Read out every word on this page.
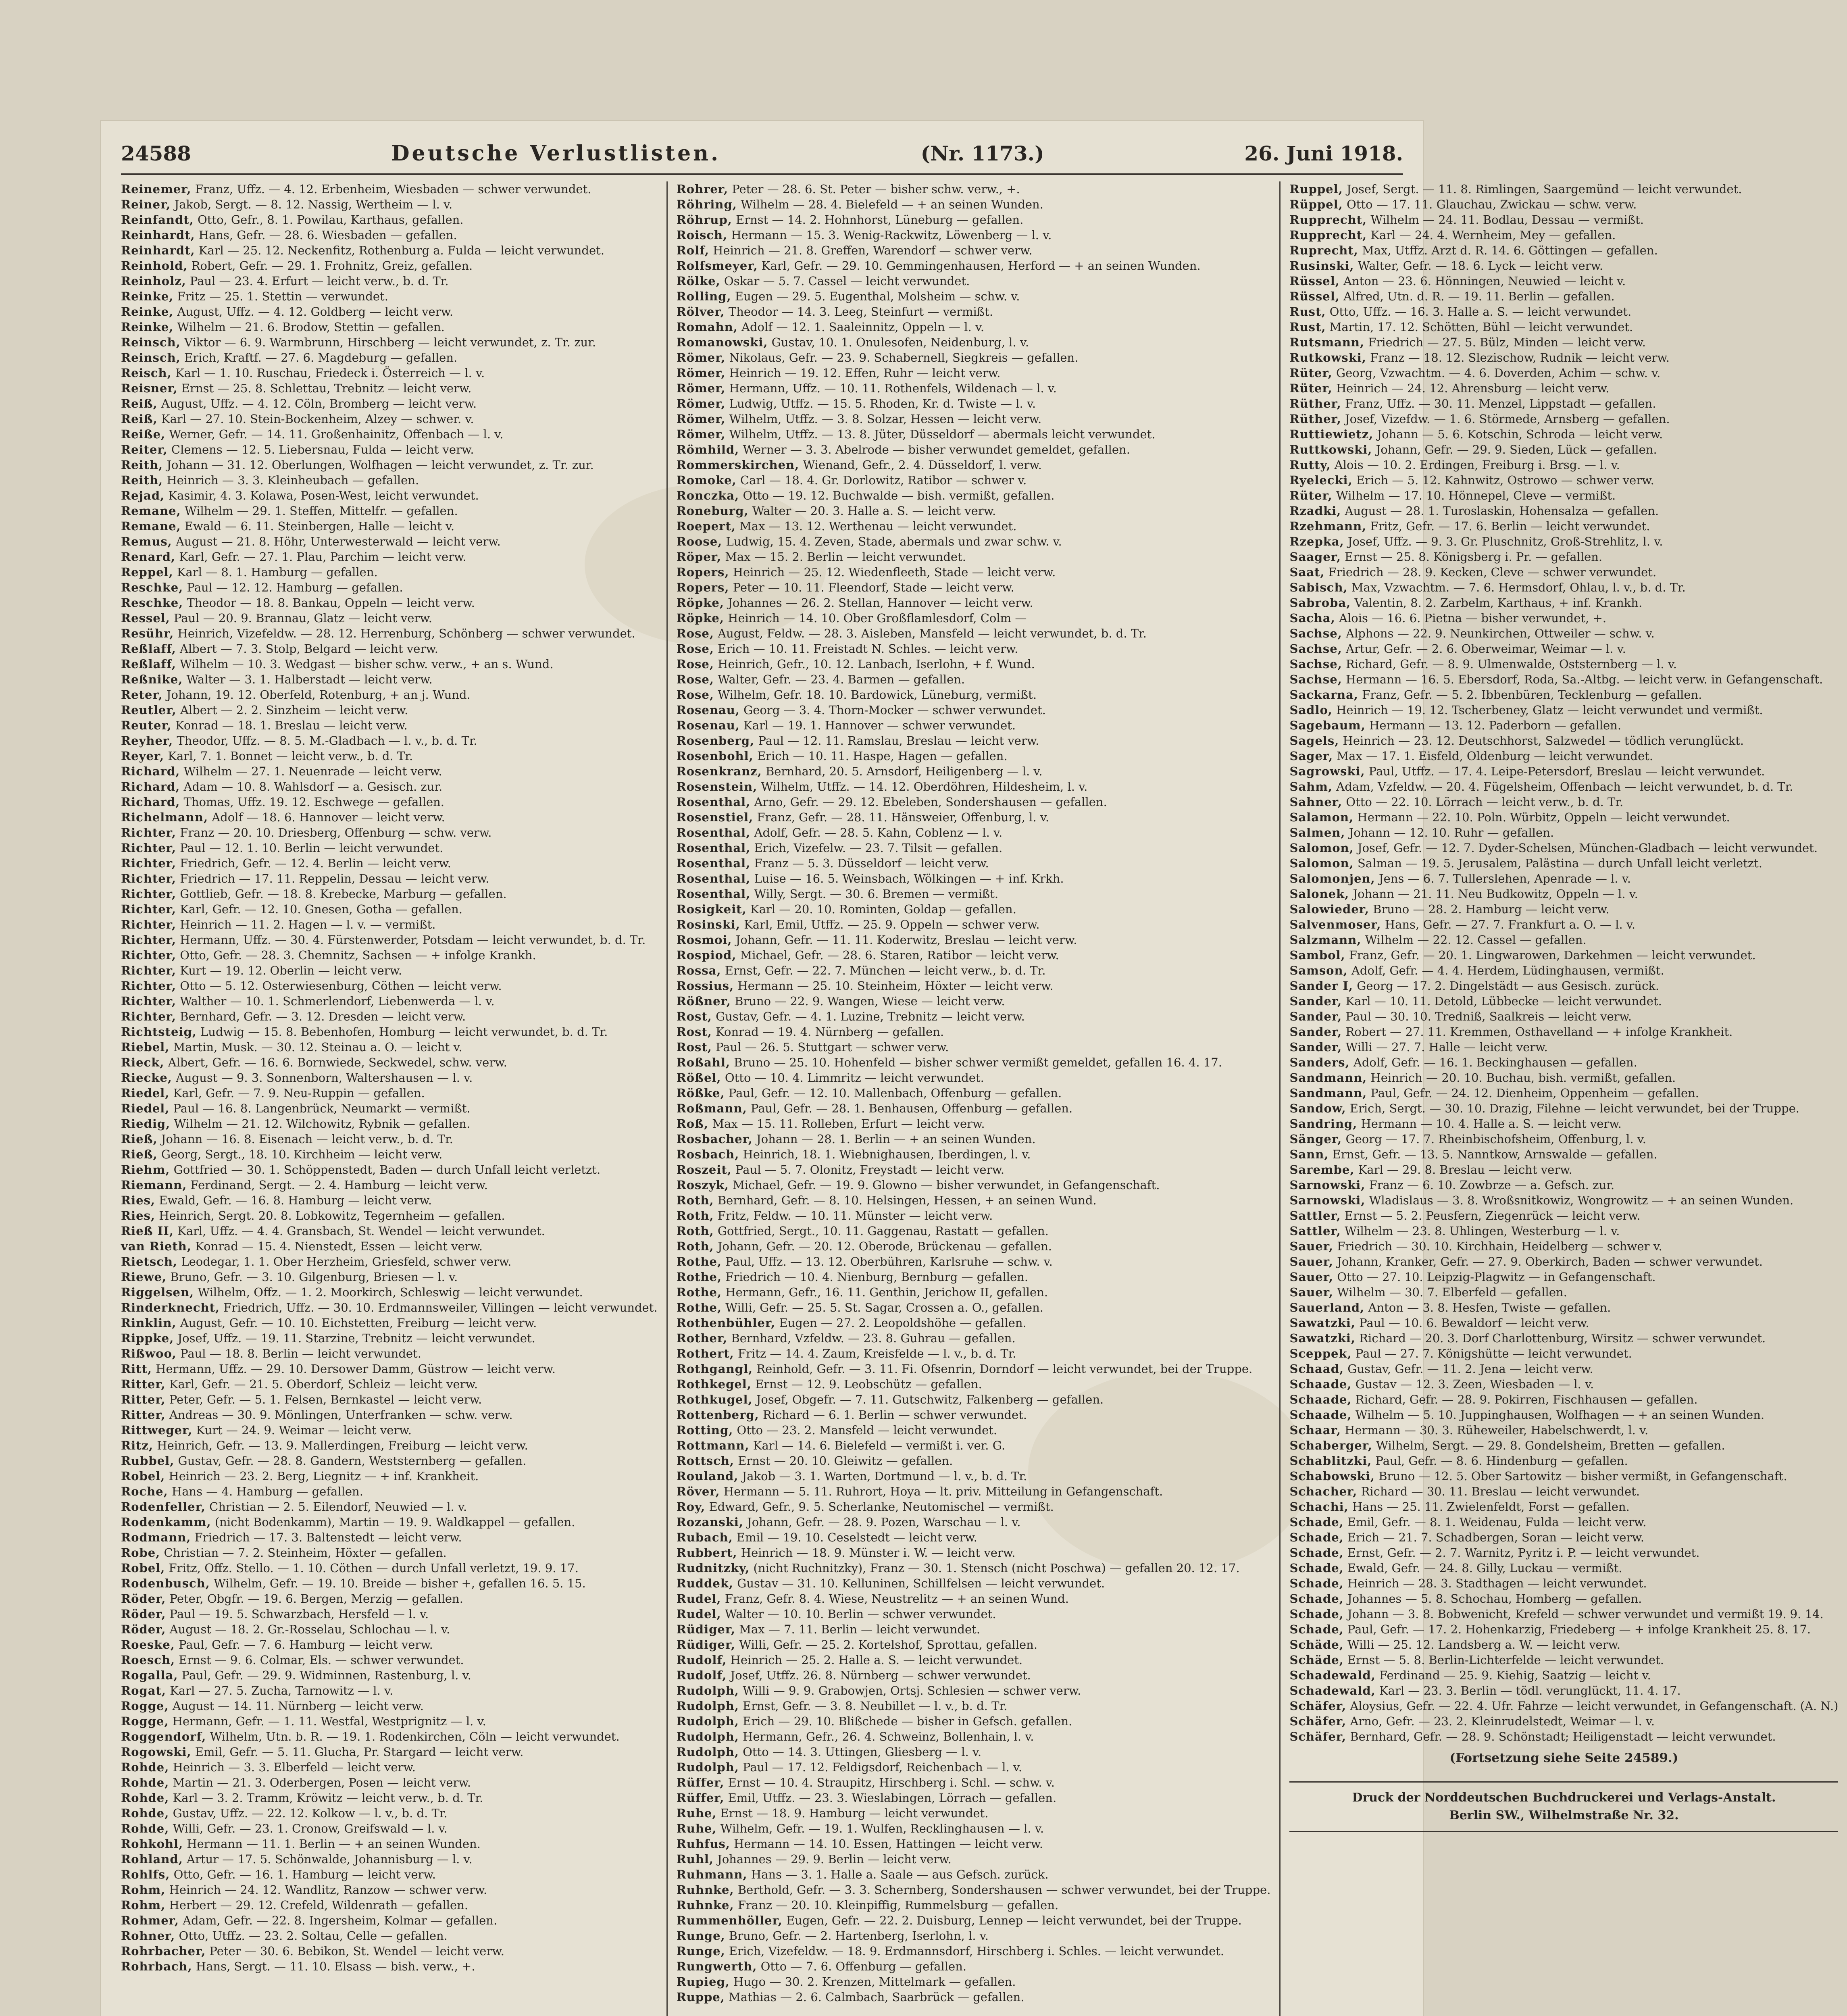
24588	Deutsche Verlustlisten.	(Nr. 1173.)	26. Juni 1918.

Reinemer, Franz, Uffz. — 4. 12. Erbenheim, Wiesbaden — schwer verwundet.

Reiner, Jakob, Sergt. — 8. 12. Nassig, Wertheim — l. v.

Reinfandt, Otto, Gefr., 8. 1. Powilau, Karthaus, gefallen.

Reinhardt, Hans, Gefr. — 28. 6. Wiesbaden — gefallen.

Reinhardt, Karl — 25. 12. Neckenfitz, Rothenburg a. Fulda — leicht verwundet.

Reinhold, Robert, Gefr. — 29. 1. Frohnitz, Greiz, gefallen.

Reinholz, Paul — 23. 4. Erfurt — leicht verw., b. d. Tr.

Reinke, Fritz — 25. 1. Stettin — verwundet.

Reinke, August, Uffz. — 4. 12. Goldberg — leicht verw.

Reinke, Wilhelm — 21. 6. Brodow, Stettin — gefallen.

Reinsch, Viktor — 6. 9. Warmbrunn, Hirschberg — leicht verwundet, z. Tr. zur.

Reinsch, Erich, Kraftf. — 27. 6. Magdeburg — gefallen.

Reisch, Karl — 1. 10. Ruschau, Friedeck i. Österreich — l. v.

Reisner, Ernst — 25. 8. Schlettau, Trebnitz — leicht verw.

Reiß, August, Uffz. — 4. 12. Cöln, Bromberg — leicht verw.

Reiß, Karl — 27. 10. Stein-Bockenheim, Alzey — schwer. v.

Reiße, Werner, Gefr. — 14. 11. Großenhainitz, Offenbach — l. v.

Reiter, Clemens — 12. 5. Liebersnau, Fulda — leicht verw.

Reith, Johann — 31. 12. Oberlungen, Wolfhagen — leicht verwundet, z. Tr. zur.

Reith, Heinrich — 3. 3. Kleinheubach — gefallen.

Rejad, Kasimir, 4. 3. Kolawa, Posen-West, leicht verwundet.

Remane, Wilhelm — 29. 1. Steffen, Mittelfr. — gefallen.

Remane, Ewald — 6. 11. Steinbergen, Halle — leicht v.

Remus, August — 21. 8. Höhr, Unterwesterwald — leicht verw.

Renard, Karl, Gefr. — 27. 1. Plau, Parchim — leicht verw.

Reppel, Karl — 8. 1. Hamburg — gefallen.

Reschke, Paul — 12. 12. Hamburg — gefallen.

Reschke, Theodor — 18. 8. Bankau, Oppeln — leicht verw.

Ressel, Paul — 20. 9. Brannau, Glatz — leicht verw.

Resühr, Heinrich, Vizefeldw. — 28. 12. Herrenburg, Schönberg — schwer verwundet.

Reßlaff, Albert — 7. 3. Stolp, Belgard — leicht verw.

Reßlaff, Wilhelm — 10. 3. Wedgast — bisher schw. verw., + an s. Wund.

Reßnike, Walter — 3. 1. Halberstadt — leicht verw.

Reter, Johann, 19. 12. Oberfeld, Rotenburg, + an j. Wund.

Reutler, Albert — 2. 2. Sinzheim — leicht verw.

Reuter, Konrad — 18. 1. Breslau — leicht verw.

Reyher, Theodor, Uffz. — 8. 5. M.-Gladbach — l. v., b. d. Tr.

Reyer, Karl, 7. 1. Bonnet — leicht verw., b. d. Tr.

Richard, Wilhelm — 27. 1. Neuenrade — leicht verw.

Richard, Adam — 10. 8. Wahlsdorf — a. Gesisch. zur.

Richard, Thomas, Uffz. 19. 12. Eschwege — gefallen.

Richelmann, Adolf — 18. 6. Hannover — leicht verw.

Richter, Franz — 20. 10. Driesberg, Offenburg — schw. verw.

Richter, Paul — 12. 1. 10. Berlin — leicht verwundet.

Richter, Friedrich, Gefr. — 12. 4. Berlin — leicht verw.

Richter, Friedrich — 17. 11. Reppelin, Dessau — leicht verw.

Richter, Gottlieb, Gefr. — 18. 8. Krebecke, Marburg — gefallen.

Richter, Karl, Gefr. — 12. 10. Gnesen, Gotha — gefallen.

Richter, Heinrich — 11. 2. Hagen — l. v. — vermißt.

Richter, Hermann, Uffz. — 30. 4. Fürstenwerder, Potsdam — leicht verwundet, b. d. Tr.

Richter, Otto, Gefr. — 28. 3. Chemnitz, Sachsen — + infolge Krankh.

Richter, Kurt — 19. 12. Oberlin — leicht verw.

Richter, Otto — 5. 12. Osterwiesenburg, Cöthen — leicht verw.

Richter, Walther — 10. 1. Schmerlendorf, Liebenwerda — l. v.

Richter, Bernhard, Gefr. — 3. 12. Dresden — leicht verw.

Richtsteig, Ludwig — 15. 8. Bebenhofen, Homburg — leicht verwundet, b. d. Tr.

Riebel, Martin, Musk. — 30. 12. Steinau a. O. — leicht v.

Rieck, Albert, Gefr. — 16. 6. Bornwiede, Seckwedel, schw. verw.

Riecke, August — 9. 3. Sonnenborn, Waltershausen — l. v.

Riedel, Karl, Gefr. — 7. 9. Neu-Ruppin — gefallen.

Riedel, Paul — 16. 8. Langenbrück, Neumarkt — vermißt.

Riedig, Wilhelm — 21. 12. Wilchowitz, Rybnik — gefallen.

Rieß, Johann — 16. 8. Eisenach — leicht verw., b. d. Tr.

Rieß, Georg, Sergt., 18. 10. Kirchheim — leicht verw.

Riehm, Gottfried — 30. 1. Schöppenstedt, Baden — durch Unfall leicht verletzt.

Riemann, Ferdinand, Sergt. — 2. 4. Hamburg — leicht verw.

Ries, Ewald, Gefr. — 16. 8. Hamburg — leicht verw.

Ries, Heinrich, Sergt. 20. 8. Lobkowitz, Tegernheim — gefallen.

Rieß II, Karl, Uffz. — 4. 4. Gransbach, St. Wendel — leicht verwundet.

van Rieth, Konrad — 15. 4. Nienstedt, Essen — leicht verw.

Rietsch, Leodegar, 1. 1. Ober Herzheim, Griesfeld, schwer verw.

Riewe, Bruno, Gefr. — 3. 10. Gilgenburg, Briesen — l. v.

Riggelsen, Wilhelm, Offz. — 1. 2. Moorkirch, Schleswig — leicht verwundet.

Rinderknecht, Friedrich, Uffz. — 30. 10. Erdmannsweiler, Villingen — leicht verwundet.

Rinklin, August, Gefr. — 10. 10. Eichstetten, Freiburg — leicht verw.

Rippke, Josef, Uffz. — 19. 11. Starzine, Trebnitz — leicht verwundet.

Rißwoo, Paul — 18. 8. Berlin — leicht verwundet.

Ritt, Hermann, Uffz. — 29. 10. Dersower Damm, Güstrow — leicht verw.

Ritter, Karl, Gefr. — 21. 5. Oberdorf, Schleiz — leicht verw.

Ritter, Peter, Gefr. — 5. 1. Felsen, Bernkastel — leicht verw.

Ritter, Andreas — 30. 9. Mönlingen, Unterfranken — schw. verw.

Rittweger, Kurt — 24. 9. Weimar — leicht verw.

Ritz, Heinrich, Gefr. — 13. 9. Mallerdingen, Freiburg — leicht verw.

Rubbel, Gustav, Gefr. — 28. 8. Gandern, Weststernberg — gefallen.

Robel, Heinrich — 23. 2. Berg, Liegnitz — + inf. Krankheit.

Roche, Hans — 4. Hamburg — gefallen.

Rodenfeller, Christian — 2. 5. Eilendorf, Neuwied — l. v.

Rodenkamm, (nicht Bodenkamm), Martin — 19. 9. Waldkappel — gefallen.

Rodmann, Friedrich — 17. 3. Baltenstedt — leicht verw.

Robe, Christian — 7. 2. Steinheim, Höxter — gefallen.

Robel, Fritz, Offz. Stello. — 1. 10. Cöthen — durch Unfall verletzt, 19. 9. 17.

Rodenbusch, Wilhelm, Gefr. — 19. 10. Breide — bisher +, gefallen 16. 5. 15.

Röder, Peter, Obgfr. — 19. 6. Bergen, Merzig — gefallen.

Röder, Paul — 19. 5. Schwarzbach, Hersfeld — l. v.

Röder, August — 18. 2. Gr.-Rosselau, Schlochau — l. v.

Roeske, Paul, Gefr. — 7. 6. Hamburg — leicht verw.

Roesch, Ernst — 9. 6. Colmar, Els. — schwer verwundet.

Rogalla, Paul, Gefr. — 29. 9. Widminnen, Rastenburg, l. v.

Rogat, Karl — 27. 5. Zucha, Tarnowitz — l. v.

Rogge, August — 14. 11. Nürnberg — leicht verw.

Rogge, Hermann, Gefr. — 1. 11. Westfal, Westprignitz — l. v.

Roggendorf, Wilhelm, Utn. b. R. — 19. 1. Rodenkirchen, Cöln — leicht verwundet.

Rogowski, Emil, Gefr. — 5. 11. Glucha, Pr. Stargard — leicht verw.

Rohde, Heinrich — 3. 3. Elberfeld — leicht verw.

Rohde, Martin — 21. 3. Oderbergen, Posen — leicht verw.

Rohde, Karl — 3. 2. Tramm, Kröwitz — leicht verw., b. d. Tr.

Rohde, Gustav, Uffz. — 22. 12. Kolkow — l. v., b. d. Tr.

Rohde, Willi, Gefr. — 23. 1. Cronow, Greifswald — l. v.

Rohkohl, Hermann — 11. 1. Berlin — + an seinen Wunden.

Rohland, Artur — 17. 5. Schönwalde, Johannisburg — l. v.

Rohlfs, Otto, Gefr. — 16. 1. Hamburg — leicht verw.

Rohm, Heinrich — 24. 12. Wandlitz, Ranzow — schwer verw.

Rohm, Herbert — 29. 12. Crefeld, Wildenrath — gefallen.

Rohmer, Adam, Gefr. — 22. 8. Ingersheim, Kolmar — gefallen.

Rohner, Otto, Utffz. — 23. 2. Soltau, Celle — gefallen.

Rohrbacher, Peter — 30. 6. Bebikon, St. Wendel — leicht verw.

Rohrbach, Hans, Sergt. — 11. 10. Elsass — bish. verw., +.

Rohrer, Peter — 28. 6. St. Peter — bisher schw. verw., +.

Röhring, Wilhelm — 28. 4. Bielefeld — + an seinen Wunden.

Röhrup, Ernst — 14. 2. Hohnhorst, Lüneburg — gefallen.

Roisch, Hermann — 15. 3. Wenig-Rackwitz, Löwenberg — l. v.

Rolf, Heinrich — 21. 8. Greffen, Warendorf — schwer verw.

Rolfsmeyer, Karl, Gefr. — 29. 10. Gemmingenhausen, Herford — + an seinen Wunden.

Rölke, Oskar — 5. 7. Cassel — leicht verwundet.

Rolling, Eugen — 29. 5. Eugenthal, Molsheim — schw. v.

Rölver, Theodor — 14. 3. Leeg, Steinfurt — vermißt.

Romahn, Adolf — 12. 1. Saaleinnitz, Oppeln — l. v.

Romanowski, Gustav, 10. 1. Onulesofen, Neidenburg, l. v.

Römer, Nikolaus, Gefr. — 23. 9. Schabernell, Siegkreis — gefallen.

Römer, Heinrich — 19. 12. Effen, Ruhr — leicht verw.

Römer, Hermann, Uffz. — 10. 11. Rothenfels, Wildenach — l. v.

Römer, Ludwig, Utffz. — 15. 5. Rhoden, Kr. d. Twiste — l. v.

Römer, Wilhelm, Utffz. — 3. 8. Solzar, Hessen — leicht verw.

Römer, Wilhelm, Utffz. — 13. 8. Jüter, Düsseldorf — abermals leicht verwundet.

Römhild, Werner — 3. 3. Abelrode — bisher verwundet gemeldet, gefallen.

Rommerskirchen, Wienand, Gefr., 2. 4. Düsseldorf, l. verw.

Romoke, Carl — 18. 4. Gr. Dorlowitz, Ratibor — schwer v.

Ronczka, Otto — 19. 12. Buchwalde — bish. vermißt, gefallen.

Roneburg, Walter — 20. 3. Halle a. S. — leicht verw.

Roepert, Max — 13. 12. Werthenau — leicht verwundet.

Roose, Ludwig, 15. 4. Zeven, Stade, abermals und zwar schw. v.

Röper, Max — 15. 2. Berlin — leicht verwundet.

Ropers, Heinrich — 25. 12. Wiedenfleeth, Stade — leicht verw.

Ropers, Peter — 10. 11. Fleendorf, Stade — leicht verw.

Röpke, Johannes — 26. 2. Stellan, Hannover — leicht verw.

Röpke, Heinrich — 14. 10. Ober Großflamlesdorf, Colm —

Rose, August, Feldw. — 28. 3. Aisleben, Mansfeld — leicht verwundet, b. d. Tr.

Rose, Erich — 10. 11. Freistadt N. Schles. — leicht verw.

Rose, Heinrich, Gefr., 10. 12. Lanbach, Iserlohn, + f. Wund.

Rose, Walter, Gefr. — 23. 4. Barmen — gefallen.

Rose, Wilhelm, Gefr. 18. 10. Bardowick, Lüneburg, vermißt.

Rosenau, Georg — 3. 4. Thorn-Mocker — schwer verwundet.

Rosenau, Karl — 19. 1. Hannover — schwer verwundet.

Rosenberg, Paul — 12. 11. Ramslau, Breslau — leicht verw.

Rosenbohl, Erich — 10. 11. Haspe, Hagen — gefallen.

Rosenkranz, Bernhard, 20. 5. Arnsdorf, Heiligenberg — l. v.

Rosenstein, Wilhelm, Utffz. — 14. 12. Oberdöhren, Hildesheim, l. v.

Rosenthal, Arno, Gefr. — 29. 12. Ebeleben, Sondershausen — gefallen.

Rosenstiel, Franz, Gefr. — 28. 11. Hänsweier, Offenburg, l. v.

Rosenthal, Adolf, Gefr. — 28. 5. Kahn, Coblenz — l. v.

Rosenthal, Erich, Vizefelw. — 23. 7. Tilsit — gefallen.

Rosenthal, Franz — 5. 3. Düsseldorf — leicht verw.

Rosenthal, Luise — 16. 5. Weinsbach, Wölkingen — + inf. Krkh.

Rosenthal, Willy, Sergt. — 30. 6. Bremen — vermißt.

Rosigkeit, Karl — 20. 10. Rominten, Goldap — gefallen.

Rosinski, Karl, Emil, Utffz. — 25. 9. Oppeln — schwer verw.

Rosmoi, Johann, Gefr. — 11. 11. Koderwitz, Breslau — leicht verw.

Rospiod, Michael, Gefr. — 28. 6. Staren, Ratibor — leicht verw.

Rossa, Ernst, Gefr. — 22. 7. München — leicht verw., b. d. Tr.

Rossius, Hermann — 25. 10. Steinheim, Höxter — leicht verw.

Rößner, Bruno — 22. 9. Wangen, Wiese — leicht verw.

Rost, Gustav, Gefr. — 4. 1. Luzine, Trebnitz — leicht verw.

Rost, Konrad — 19. 4. Nürnberg — gefallen.

Rost, Paul — 26. 5. Stuttgart — schwer verw.

Roßahl, Bruno — 25. 10. Hohenfeld — bisher schwer vermißt gemeldet, gefallen 16. 4. 17.

Rößel, Otto — 10. 4. Limmritz — leicht verwundet.

Rößke, Paul, Gefr. — 12. 10. Mallenbach, Offenburg — gefallen.

Roßmann, Paul, Gefr. — 28. 1. Benhausen, Offenburg — gefallen.

Roß, Max — 15. 11. Rolleben, Erfurt — leicht verw.

Rosbacher, Johann — 28. 1. Berlin — + an seinen Wunden.

Rosbach, Heinrich, 18. 1. Wiebnighausen, Iberdingen, l. v.

Roszeit, Paul — 5. 7. Olonitz, Freystadt — leicht verw.

Roszyk, Michael, Gefr. — 19. 9. Glowno — bisher verwundet, in Gefangenschaft.

Roth, Bernhard, Gefr. — 8. 10. Helsingen, Hessen, + an seinen Wund.

Roth, Fritz, Feldw. — 10. 11. Münster — leicht verw.

Roth, Gottfried, Sergt., 10. 11. Gaggenau, Rastatt — gefallen.

Roth, Johann, Gefr. — 20. 12. Oberode, Brückenau — gefallen.

Rothe, Paul, Uffz. — 13. 12. Oberbühren, Karlsruhe — schw. v.

Rothe, Friedrich — 10. 4. Nienburg, Bernburg — gefallen.

Rothe, Hermann, Gefr., 16. 11. Genthin, Jerichow II, gefallen.

Rothe, Willi, Gefr. — 25. 5. St. Sagar, Crossen a. O., gefallen.

Rothenbühler, Eugen — 27. 2. Leopoldshöhe — gefallen.

Rother, Bernhard, Vzfeldw. — 23. 8. Guhrau — gefallen.

Rothert, Fritz — 14. 4. Zaum, Kreisfelde — l. v., b. d. Tr.

Rothgangl, Reinhold, Gefr. — 3. 11. Fi. Ofsenrin, Dorndorf — leicht verwundet, bei der Truppe.

Rothkegel, Ernst — 12. 9. Leobschütz — gefallen.

Rothkugel, Josef, Obgefr. — 7. 11. Gutschwitz, Falkenberg — gefallen.

Rottenberg, Richard — 6. 1. Berlin — schwer verwundet.

Rotting, Otto — 23. 2. Mansfeld — leicht verwundet.

Rottmann, Karl — 14. 6. Bielefeld — vermißt i. ver. G.

Rottsch, Ernst — 20. 10. Gleiwitz — gefallen.

Rouland, Jakob — 3. 1. Warten, Dortmund — l. v., b. d. Tr.

Röver, Hermann — 5. 11. Ruhrort, Hoya — lt. priv. Mitteilung in Gefangenschaft.

Roy, Edward, Gefr., 9. 5. Scherlanke, Neutomischel — vermißt.

Rozanski, Johann, Gefr. — 28. 9. Pozen, Warschau — l. v.

Rubach, Emil — 19. 10. Ceselstedt — leicht verw.

Rubbert, Heinrich — 18. 9. Münster i. W. — leicht verw.

Rudnitzky, (nicht Ruchnitzky), Franz — 30. 1. Stensch (nicht Poschwa) — gefallen 20. 12. 17.

Ruddek, Gustav — 31. 10. Kelluninen, Schillfelsen — leicht verwundet.

Rudel, Franz, Gefr. 8. 4. Wiese, Neustrelitz — + an seinen Wund.

Rudel, Walter — 10. 10. Berlin — schwer verwundet.

Rüdiger, Max — 7. 11. Berlin — leicht verwundet.

Rüdiger, Willi, Gefr. — 25. 2. Kortelshof, Sprottau, gefallen.

Rudolf, Heinrich — 25. 2. Halle a. S. — leicht verwundet.

Rudolf, Josef, Utffz. 26. 8. Nürnberg — schwer verwundet.

Rudolph, Willi — 9. 9. Grabowjen, Ortsj. Schlesien — schwer verw.

Rudolph, Ernst, Gefr. — 3. 8. Neubillet — l. v., b. d. Tr.

Rudolph, Erich — 29. 10. Blißchede — bisher in Gefsch. gefallen.

Rudolph, Hermann, Gefr., 26. 4. Schweinz, Bollenhain, l. v.

Rudolph, Otto — 14. 3. Uttingen, Gliesberg — l. v.

Rudolph, Paul — 17. 12. Feldigsdorf, Reichenbach — l. v.

Rüffer, Ernst — 10. 4. Straupitz, Hirschberg i. Schl. — schw. v.

Rüffer, Emil, Utffz. — 23. 3. Wieslabingen, Lörrach — gefallen.

Ruhe, Ernst — 18. 9. Hamburg — leicht verwundet.

Ruhe, Wilhelm, Gefr. — 19. 1. Wulfen, Recklinghausen — l. v.

Ruhfus, Hermann — 14. 10. Essen, Hattingen — leicht verw.

Ruhl, Johannes — 29. 9. Berlin — leicht verw.

Ruhmann, Hans — 3. 1. Halle a. Saale — aus Gefsch. zurück.

Ruhnke, Berthold, Gefr. — 3. 3. Schernberg, Sondershausen — schwer verwundet, bei der Truppe.

Ruhnke, Franz — 20. 10. Kleinpiffig, Rummelsburg — gefallen.

Rummenhöller, Eugen, Gefr. — 22. 2. Duisburg, Lennep — leicht verwundet, bei der Truppe.

Runge, Bruno, Gefr. — 2. Hartenberg, Iserlohn, l. v.

Runge, Erich, Vizefeldw. — 18. 9. Erdmannsdorf, Hirschberg i. Schles. — leicht verwundet.

Rungwerth, Otto — 7. 6. Offenburg — gefallen.

Rupieg, Hugo — 30. 2. Krenzen, Mittelmark — gefallen.

Ruppe, Mathias — 2. 6. Calmbach, Saarbrück — gefallen.

Ruppel, Josef, Sergt. — 11. 8. Rimlingen, Saargemünd — leicht verwundet.

Rüppel, Otto — 17. 11. Glauchau, Zwickau — schw. verw.

Rupprecht, Wilhelm — 24. 11. Bodlau, Dessau — vermißt.

Rupprecht, Karl — 24. 4. Wernheim, Mey — gefallen.

Ruprecht, Max, Utffz. Arzt d. R. 14. 6. Göttingen — gefallen.

Rusinski, Walter, Gefr. — 18. 6. Lyck — leicht verw.

Rüssel, Anton — 23. 6. Hönningen, Neuwied — leicht v.

Rüssel, Alfred, Utn. d. R. — 19. 11. Berlin — gefallen.

Rust, Otto, Uffz. — 16. 3. Halle a. S. — leicht verwundet.

Rust, Martin, 17. 12. Schötten, Bühl — leicht verwundet.

Rutsmann, Friedrich — 27. 5. Bülz, Minden — leicht verw.

Rutkowski, Franz — 18. 12. Slezischow, Rudnik — leicht verw.

Rüter, Georg, Vzwachtm. — 4. 6. Doverden, Achim — schw. v.

Rüter, Heinrich — 24. 12. Ahrensburg — leicht verw.

Rüther, Franz, Uffz. — 30. 11. Menzel, Lippstadt — gefallen.

Rüther, Josef, Vizefdw. — 1. 6. Störmede, Arnsberg — gefallen.

Ruttiewietz, Johann — 5. 6. Kotschin, Schroda — leicht verw.

Ruttkowski, Johann, Gefr. — 29. 9. Sieden, Lück — gefallen.

Rutty, Alois — 10. 2. Erdingen, Freiburg i. Brsg. — l. v.

Ryelecki, Erich — 5. 12. Kahnwitz, Ostrowo — schwer verw.

Rüter, Wilhelm — 17. 10. Hönnepel, Cleve — vermißt.

Rzadki, August — 28. 1. Turoslaskin, Hohensalza — gefallen.

Rzehmann, Fritz, Gefr. — 17. 6. Berlin — leicht verwundet.

Rzepka, Josef, Uffz. — 9. 3. Gr. Pluschnitz, Groß-Strehlitz, l. v.

Saager, Ernst — 25. 8. Königsberg i. Pr. — gefallen.

Saat, Friedrich — 28. 9. Kecken, Cleve — schwer verwundet.

Sabisch, Max, Vzwachtm. — 7. 6. Hermsdorf, Ohlau, l. v., b. d. Tr.

Sabroba, Valentin, 8. 2. Zarbelm, Karthaus, + inf. Krankh.

Sacha, Alois — 16. 6. Pietna — bisher verwundet, +.

Sachse, Alphons — 22. 9. Neunkirchen, Ottweiler — schw. v.

Sachse, Artur, Gefr. — 2. 6. Oberweimar, Weimar — l. v.

Sachse, Richard, Gefr. — 8. 9. Ulmenwalde, Oststernberg — l. v.

Sachse, Hermann — 16. 5. Ebersdorf, Roda, Sa.-Altbg. — leicht verw. in Gefangenschaft.

Sackarna, Franz, Gefr. — 5. 2. Ibbenbüren, Tecklenburg — gefallen.

Sadlo, Heinrich — 19. 12. Tscherbeney, Glatz — leicht verwundet und vermißt.

Sagebaum, Hermann — 13. 12. Paderborn — gefallen.

Sagels, Heinrich — 23. 12. Deutschhorst, Salzwedel — tödlich verunglückt.

Sager, Max — 17. 1. Eisfeld, Oldenburg — leicht verwundet.

Sagrowski, Paul, Utffz. — 17. 4. Leipe-Petersdorf, Breslau — leicht verwundet.

Sahm, Adam, Vzfeldw. — 20. 4. Fügelsheim, Offenbach — leicht verwundet, b. d. Tr.

Sahner, Otto — 22. 10. Lörrach — leicht verw., b. d. Tr.

Salamon, Hermann — 22. 10. Poln. Würbitz, Oppeln — leicht verwundet.

Salmen, Johann — 12. 10. Ruhr — gefallen.

Salomon, Josef, Gefr. — 12. 7. Dyder-Schelsen, München-Gladbach — leicht verwundet.

Salomon, Salman — 19. 5. Jerusalem, Palästina — durch Unfall leicht verletzt.

Salomonjen, Jens — 6. 7. Tullerslehen, Apenrade — l. v.

Salonek, Johann — 21. 11. Neu Budkowitz, Oppeln — l. v.

Salowieder, Bruno — 28. 2. Hamburg — leicht verw.

Salvenmoser, Hans, Gefr. — 27. 7. Frankfurt a. O. — l. v.

Salzmann, Wilhelm — 22. 12. Cassel — gefallen.

Sambol, Franz, Gefr. — 20. 1. Lingwarowen, Darkehmen — leicht verwundet.

Samson, Adolf, Gefr. — 4. 4. Herdem, Lüdinghausen, vermißt.

Sander I, Georg — 17. 2. Dingelstädt — aus Gesisch. zurück.

Sander, Karl — 10. 11. Detold, Lübbecke — leicht verwundet.

Sander, Paul — 30. 10. Tredniß, Saalkreis — leicht verw.

Sander, Robert — 27. 11. Kremmen, Osthavelland — + infolge Krankheit.

Sander, Willi — 27. 7. Halle — leicht verw.

Sanders, Adolf, Gefr. — 16. 1. Beckinghausen — gefallen.

Sandmann, Heinrich — 20. 10. Buchau, bish. vermißt, gefallen.

Sandmann, Paul, Gefr. — 24. 12. Dienheim, Oppenheim — gefallen.

Sandow, Erich, Sergt. — 30. 10. Drazig, Filehne — leicht verwundet, bei der Truppe.

Sandring, Hermann — 10. 4. Halle a. S. — leicht verw.

Sänger, Georg — 17. 7. Rheinbischofsheim, Offenburg, l. v.

Sann, Ernst, Gefr. — 13. 5. Nanntkow, Arnswalde — gefallen.

Sarembe, Karl — 29. 8. Breslau — leicht verw.

Sarnowski, Franz — 6. 10. Zowbrze — a. Gefsch. zur.

Sarnowski, Wladislaus — 3. 8. Wroßsnitkowiz, Wongrowitz — + an seinen Wunden.

Sattler, Ernst — 5. 2. Peusfern, Ziegenrück — leicht verw.

Sattler, Wilhelm — 23. 8. Uhlingen, Westerburg — l. v.

Sauer, Friedrich — 30. 10. Kirchhain, Heidelberg — schwer v.

Sauer, Johann, Kranker, Gefr. — 27. 9. Oberkirch, Baden — schwer verwundet.

Sauer, Otto — 27. 10. Leipzig-Plagwitz — in Gefangenschaft.

Sauer, Wilhelm — 30. 7. Elberfeld — gefallen.

Sauerland, Anton — 3. 8. Hesfen, Twiste — gefallen.

Sawatzki, Paul — 10. 6. Bewaldorf — leicht verw.

Sawatzki, Richard — 20. 3. Dorf Charlottenburg, Wirsitz — schwer verwundet.

Sceppek, Paul — 27. 7. Königshütte — leicht verwundet.

Schaad, Gustav, Gefr. — 11. 2. Jena — leicht verw.

Schaade, Gustav — 12. 3. Zeen, Wiesbaden — l. v.

Schaade, Richard, Gefr. — 28. 9. Pokirren, Fischhausen — gefallen.

Schaade, Wilhelm — 5. 10. Juppinghausen, Wolfhagen — + an seinen Wunden.

Schaar, Hermann — 30. 3. Rüheweiler, Habelschwerdt, l. v.

Schaberger, Wilhelm, Sergt. — 29. 8. Gondelsheim, Bretten — gefallen.

Schablitzki, Paul, Gefr. — 8. 6. Hindenburg — gefallen.

Schabowski, Bruno — 12. 5. Ober Sartowitz — bisher vermißt, in Gefangenschaft.

Schacher, Richard — 30. 11. Breslau — leicht verwundet.

Schachi, Hans — 25. 11. Zwielenfeldt, Forst — gefallen.

Schade, Emil, Gefr. — 8. 1. Weidenau, Fulda — leicht verw.

Schade, Erich — 21. 7. Schadbergen, Soran — leicht verw.

Schade, Ernst, Gefr. — 2. 7. Warnitz, Pyritz i. P. — leicht verwundet.

Schade, Ewald, Gefr. — 24. 8. Gilly, Luckau — vermißt.

Schade, Heinrich — 28. 3. Stadthagen — leicht verwundet.

Schade, Johannes — 5. 8. Schochau, Homberg — gefallen.

Schade, Johann — 3. 8. Bobwenicht, Krefeld — schwer verwundet und vermißt 19. 9. 14.

Schade, Paul, Gefr. — 17. 2. Hohenkarzig, Friedeberg — + infolge Krankheit 25. 8. 17.

Schäde, Willi — 25. 12. Landsberg a. W. — leicht verw.

Schäde, Ernst — 5. 8. Berlin-Lichterfelde — leicht verwundet.

Schadewald, Ferdinand — 25. 9. Kiehig, Saatzig — leicht v.

Schadewald, Karl — 23. 3. Berlin — tödl. verunglückt, 11. 4. 17.

Schäfer, Aloysius, Gefr. — 22. 4. Ufr. Fahrze — leicht verwundet, in Gefangenschaft. (A. N.)

Schäfer, Arno, Gefr. — 23. 2. Kleinrudelstedt, Weimar — l. v.

Schäfer, Bernhard, Gefr. — 28. 9. Schönstadt; Heiligenstadt — leicht verwundet.

(Fortsetzung siehe Seite 24589.)
Druck der Norddeutschen Buchdruckerei und Verlags-Anstalt.
Berlin SW., Wilhelmstraße Nr. 32.
